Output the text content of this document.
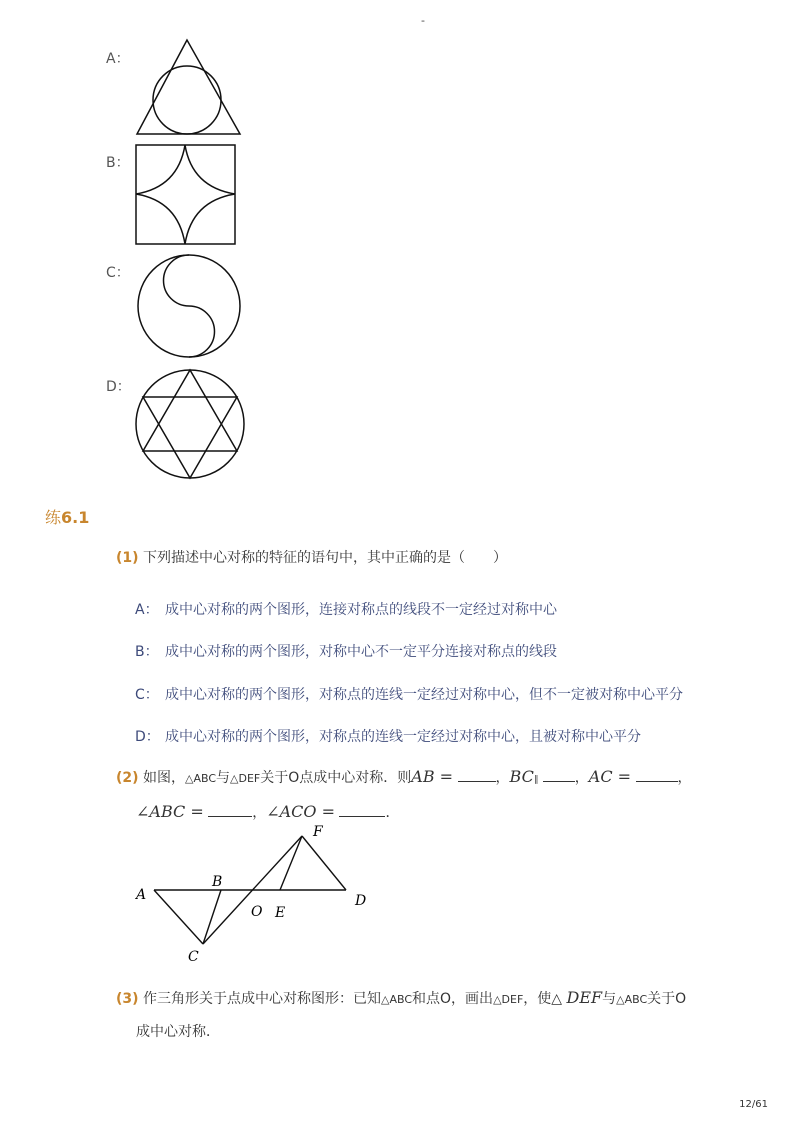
-
A：
B：
C：
D：
练6.1
(1) 下列描述中心对称的特征的语句中，其中正确的是（　　）
A： 成中心对称的两个图形，连接对称点的线段不一定经过对称中心
B： 成中心对称的两个图形，对称中心不一定平分连接对称点的线段
C： 成中心对称的两个图形，对称点的连线一定经过对称中心，但不一定被对称中心平分
D： 成中心对称的两个图形，对称点的连线一定经过对称中心，且被对称中心平分
(2) 如图，△ABC与△DEF关于O点成中心对称．则AB =	，BC∥	，AC =	，
∠ABC =	，∠ACO =	．
A
B
C
D
E
F
O
(3) 作三角形关于点成中心对称图形：已知△ABC和点O，画出△DEF，使△ DEF与△ABC关于O
成中心对称．
12/61
